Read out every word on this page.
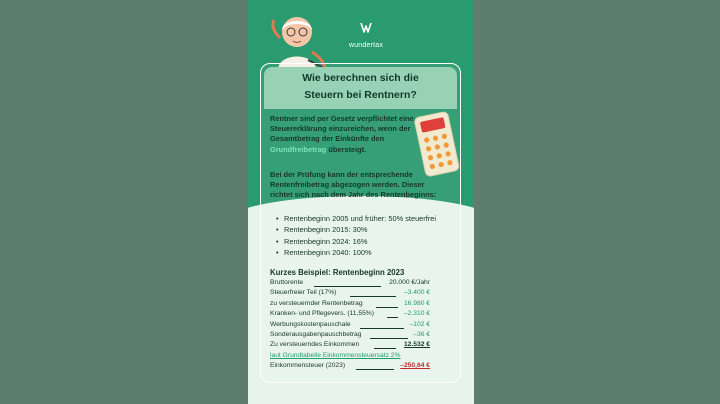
wundertax
Wie berechnen sich die
Steuern bei Rentnern?
Rentner sind per Gesetz verpflichtet eine Steuererklärung einzureichen, wenn der Gesamtbetrag der Einkünfte den Grundfreibetrag übersteigt.
Bei der Prüfung kann der entsprechende Rentenfreibetrag abgezogen werden. Dieser richtet sich nach dem Jahr des Rentenbeginns:
• Rentenbeginn 2005 und früher: 50% steuerfrei
• Rentenbeginn 2015: 30%
• Rentenbeginn 2024: 16%
• Rentenbeginn 2040: 100%
Kurzes Beispiel: Rentenbeginn 2023
Bruttorente	20.000 €/Jahr
Steuerfreier Teil (17%)	–3.400 €
zu versteuernder Rentenbetrag	16.980 €
Kranken- und Pflegevers. (11,55%)	–2.310 €
Werbungskostenpauschale	–102 €
Sonderausgabenpauschbetrag	–36 €
Zu versteuerndes Einkommen	12.532 €
laut Grundtabelle Einkommensteuersatz 2%
Einkommensteuer (2023)	–250,64 €
